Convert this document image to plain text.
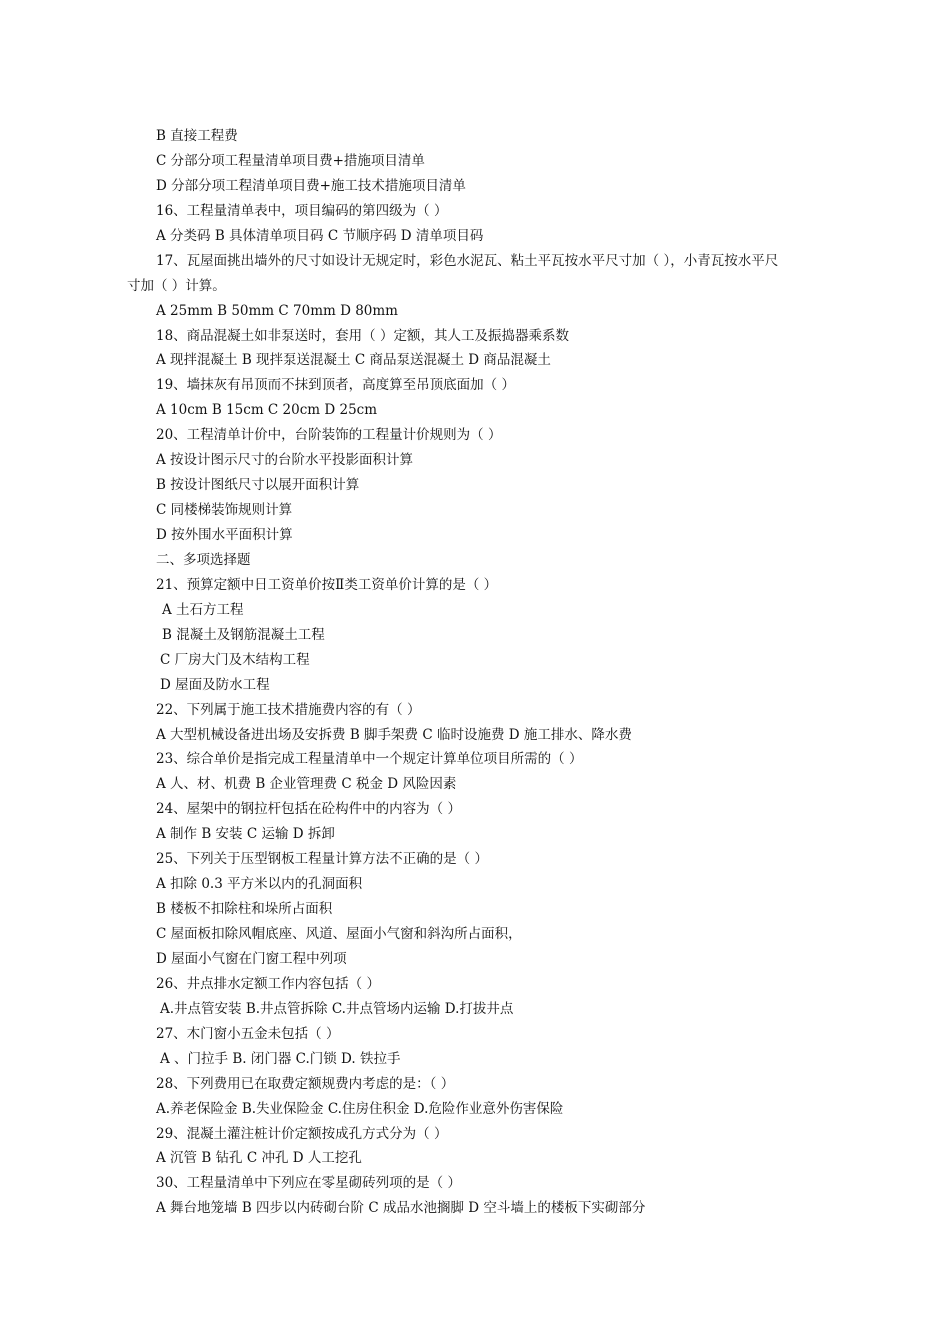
B 直接工程费
C 分部分项工程量清单项目费+措施项目清单
D 分部分项工程清单项目费+施工技术措施项目清单
16、工程量清单表中，项目编码的第四级为（ ）
A 分类码 B 具体清单项目码 C 节顺序码 D 清单项目码
17、瓦屋面挑出墙外的尺寸如设计无规定时，彩色水泥瓦、粘土平瓦按水平尺寸加（ ），小青瓦按水平尺
寸加（ ）计算。
A 25mm B 50mm C 70mm D 80mm
18、商品混凝土如非泵送时，套用（ ）定额，其人工及振捣器乘系数
A 现拌混凝土 B 现拌泵送混凝土 C 商品泵送混凝土 D 商品混凝土
19、墙抹灰有吊顶而不抹到顶者，高度算至吊顶底面加（ ）
A 10cm B 15cm C 20cm D 25cm
20、工程清单计价中，台阶装饰的工程量计价规则为（ ）
A 按设计图示尺寸的台阶水平投影面积计算
B 按设计图纸尺寸以展开面积计算
C 同楼梯装饰规则计算
D 按外围水平面积计算
二、多项选择题
21、预算定额中日工资单价按Ⅱ类工资单价计算的是（ ）
A 土石方工程
B 混凝土及钢筋混凝土工程
C 厂房大门及木结构工程
D 屋面及防水工程
22、下列属于施工技术措施费内容的有（ ）
A 大型机械设备进出场及安拆费 B 脚手架费 C 临时设施费 D 施工排水、降水费
23、综合单价是指完成工程量清单中一个规定计算单位项目所需的（ ）
A 人、材、机费 B 企业管理费 C 税金 D 风险因素
24、屋架中的钢拉杆包括在砼构件中的内容为（ ）
A 制作 B 安装 C 运输 D 拆卸
25、下列关于压型钢板工程量计算方法不正确的是（ ）
A 扣除 0.3 平方米以内的孔洞面积
B 楼板不扣除柱和垛所占面积
C 屋面板扣除风帽底座、风道、屋面小气窗和斜沟所占面积，
D 屋面小气窗在门窗工程中列项
26、井点排水定额工作内容包括（ ）
A.井点管安装 B.井点管拆除 C.井点管场内运输 D.打拔井点
27、木门窗小五金未包括（ ）
A 、门拉手 B. 闭门器 C.门锁 D. 铁拉手
28、下列费用已在取费定额规费内考虑的是：（ ）
A.养老保险金 B.失业保险金 C.住房住积金 D.危险作业意外伤害保险
29、混凝土灌注桩计价定额按成孔方式分为（ ）
A 沉管 B 钻孔 C 冲孔 D 人工挖孔
30、工程量清单中下列应在零星砌砖列项的是（ ）
A 舞台地笼墙 B 四步以内砖砌台阶 C 成品水池搁脚 D 空斗墙上的楼板下实砌部分
